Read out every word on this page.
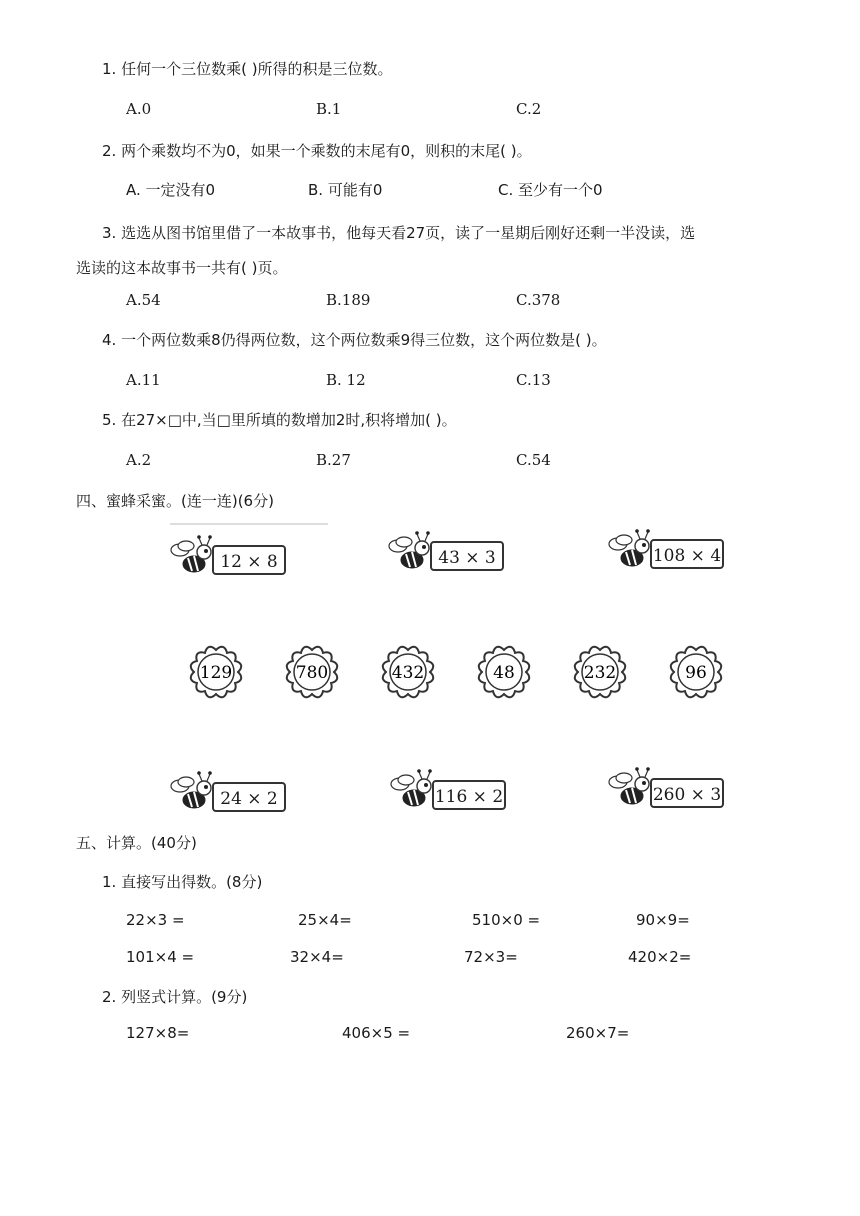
1. 任何一个三位数乘( )所得的积是三位数。
A.0	B.1	C.2
2. 两个乘数均不为0，如果一个乘数的末尾有0，则积的末尾( )。
A. 一定没有0	B. 可能有0	C. 至少有一个0
3. 选选从图书馆里借了一本故事书，他每天看27页，读了一星期后刚好还剩一半没读，选
选读的这本故事书一共有( )页。
A.54	B.189	C.378
4. 一个两位数乘8仍得两位数，这个两位数乘9得三位数，这个两位数是( )。
A.11	B. 12	C.13
5. 在27×□中,当□里所填的数增加2时,积将增加( )。
A.2	B.27	C.54
四、蜜蜂采蜜。(连一连)(6分)
129	780	432	48	232	96
12 × 8	43 × 3	108 × 4
24 × 2	116 × 2	260 × 3
五、计算。(40分)
1. 直接写出得数。(8分)
22×3 =	25×4=	510×0 =	90×9=
101×4 =	32×4=	72×3=	420×2=
2. 列竖式计算。(9分)
127×8=	406×5 =	260×7=
